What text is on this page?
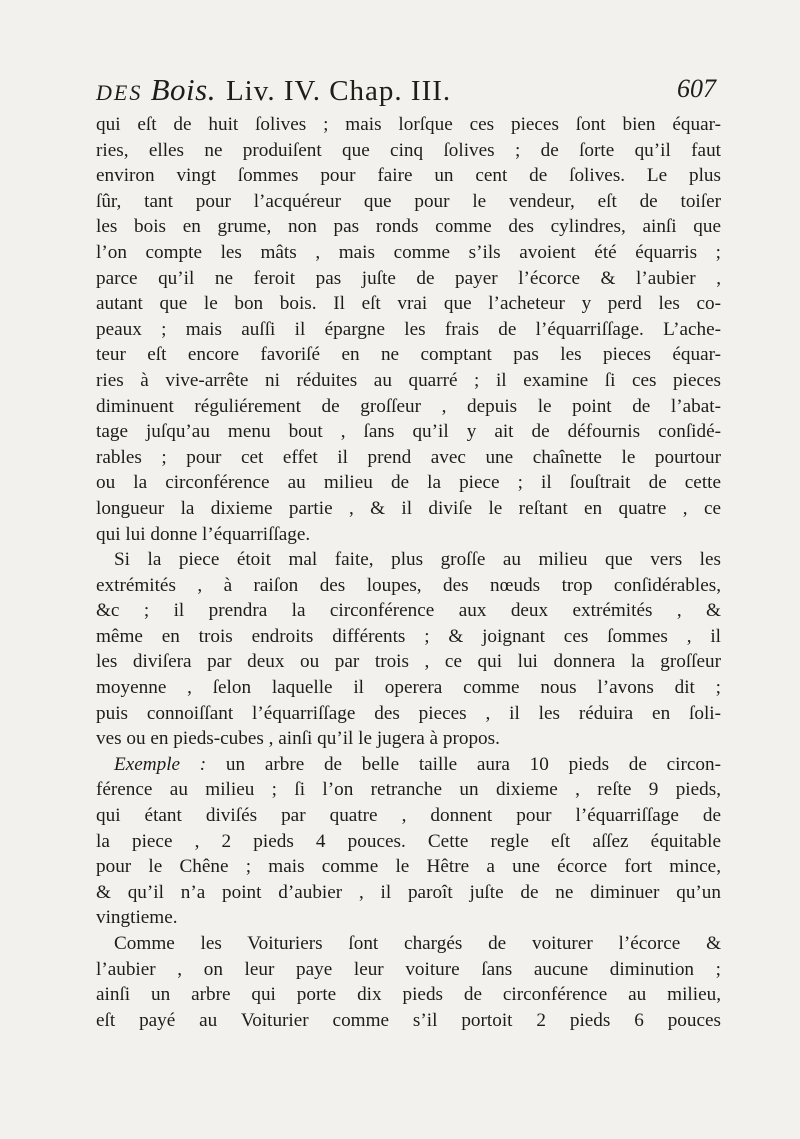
DES Bois. Liv. IV. Chap. III.	607
qui eſt de huit ſolives ; mais lorſque ces pieces ſont bien équar-
ries, elles ne produiſent que cinq ſolives ; de ſorte qu’il faut
environ vingt ſommes pour faire un cent de ſolives. Le plus
ſûr, tant pour l’acquéreur que pour le vendeur, eſt de toiſer
les bois en grume, non pas ronds comme des cylindres, ainſi que
l’on compte les mâts , mais comme s’ils avoient été équarris ;
parce qu’il ne feroit pas juſte de payer l’écorce & l’aubier ,
autant que le bon bois. Il eſt vrai que l’acheteur y perd les co-
peaux ; mais auſſi il épargne les frais de l’équarriſſage. L’ache-
teur eſt encore favoriſé en ne comptant pas les pieces équar-
ries à vive-arrête ni réduites au quarré ; il examine ſi ces pieces
diminuent réguliérement de groſſeur , depuis le point de l’abat-
tage juſqu’au menu bout , ſans qu’il y ait de défournis conſidé-
rables ; pour cet effet il prend avec une chaînette le pourtour
ou la circonférence au milieu de la piece ; il ſouſtrait de cette
longueur la dixieme partie , & il diviſe le reſtant en quatre , ce
qui lui donne l’équarriſſage.
Si la piece étoit mal faite, plus groſſe au milieu que vers les
extrémités , à raiſon des loupes, des nœuds trop conſidérables,
&c ; il prendra la circonférence aux deux extrémités , &
même en trois endroits différents ; & joignant ces ſommes , il
les diviſera par deux ou par trois , ce qui lui donnera la groſſeur
moyenne , ſelon laquelle il operera comme nous l’avons dit ;
puis connoiſſant l’équarriſſage des pieces , il les réduira en ſoli-
ves ou en pieds-cubes , ainſi qu’il le jugera à propos.
Exemple : un arbre de belle taille aura 10 pieds de circon-
férence au milieu ; ſi l’on retranche un dixieme , reſte 9 pieds,
qui étant diviſés par quatre , donnent pour l’équarriſſage de
la piece , 2 pieds 4 pouces. Cette regle eſt aſſez équitable
pour le Chêne ; mais comme le Hêtre a une écorce fort mince,
& qu’il n’a point d’aubier , il paroît juſte de ne diminuer qu’un
vingtieme.
Comme les Voituriers ſont chargés de voiturer l’écorce &
l’aubier , on leur paye leur voiture ſans aucune diminution ;
ainſi un arbre qui porte dix pieds de circonférence au milieu,
eſt payé au Voiturier comme s’il portoit 2 pieds 6 pouces
